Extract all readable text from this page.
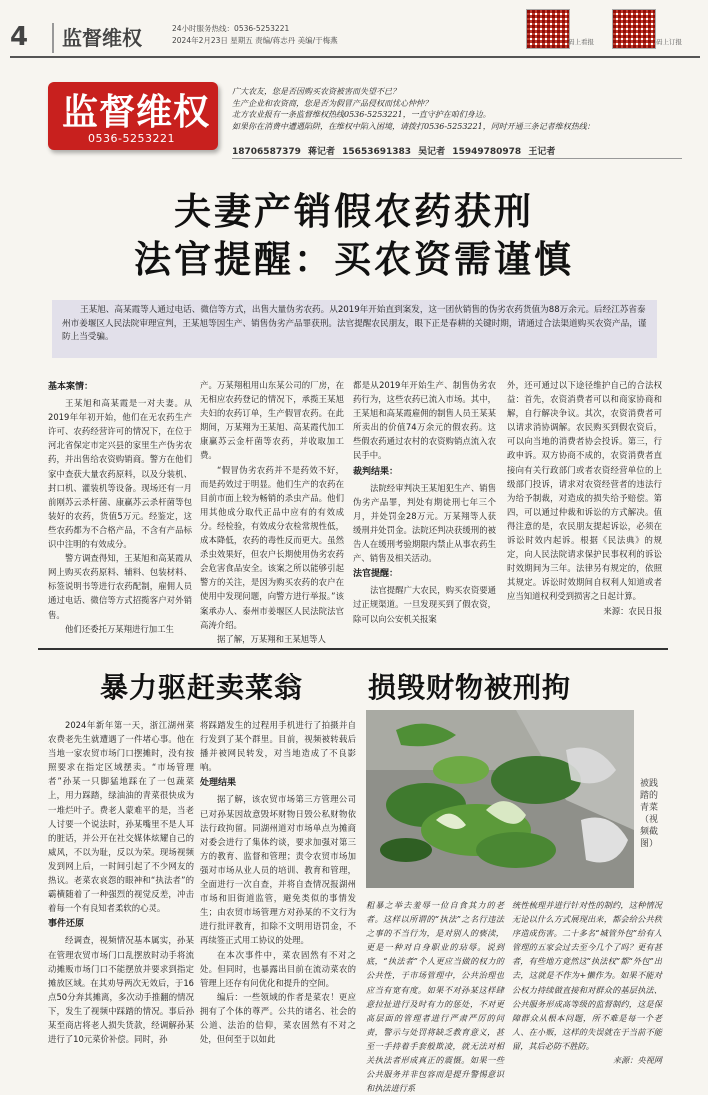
4	监督维权	24小时服务热线：0536-5253221
2024年2月23日 星期五 责编/蒋志丹 美编/于梅燕	码上看报	码上订报
监督维权
0536-5253221
广大农友，您是否因购买农资被害而失望不已？
生产企业和农资商，您是否为假冒产品侵权而忧心忡忡？
北方农业报有一条监督维权热线0536-5253221，一直守护在咱们身边。
如果你在消费中遭遇陷阱，在维权中陷入困境，请拨打0536-5253221，同时开通三条记者维权热线：
18706587379 蒋记者 15653691383 吴记者 15949780978 王记者
夫妻产销假农药获刑
法官提醒：买农资需谨慎
王某旭、高某霞等人通过电话、微信等方式，出售大量伪劣农药。从2019年开始直到案发，这一团伙销售的伪劣农药货值为88万余元。后经江苏省泰州市姜堰区人民法院审理宣判，王某旭等因生产、销售伪劣产品罪获刑。法官提醒农民朋友，眼下正是春耕的关键时期，请通过合法渠道购买农资产品，谨防上当受骗。

基本案情：

王某旭和高某霞是一对夫妻。从2019年年初开始，他们在无农药生产许可、农药经营许可的情况下，在位于河北省保定市定兴县的家里生产伪劣农药，并出售给农资购销商。警方在他们家中查获大量农药原料，以及分装机、封口机、灌装机等设备。现场还有一月前刚苏云杀杆菌、康赢苏云杀杆菌等包装好的农药，货值5万元。经鉴定，这些农药都为不合格产品，不含有产品标识中注明的有效成分。

警方调查得知，王某旭和高某霞从网上购买农药原料、辅料、包装材料、标签说明书等进行农药配制，雇佣人员通过电话、微信等方式招揽客户对外销售。

他们还委托万某翔进行加工生

产。万某翔租用山东某公司的厂房，在无相应农药登记的情况下，承揽王某旭夫妇的农药订单，生产假冒农药。在此期间，万某翔为王某旭、高某霞代加工康赢苏云金杆菌等农药，并收取加工费。

“假冒伪劣农药并不是药效不好，而是药效过于明显。他们生产的农药在目前市面上较为畅销的杀虫产品。他们用其他成分取代正品中应有的有效成分。经检验，有效成分农检常规性低，成本降低，农药的毒性反而更大。虽然杀虫效果好，但农户长期使用伪劣农药会危害食品安全。该案之所以能够引起警方的关注，是因为购买农药的农户在使用中发现问题，向警方进行举报。”该案承办人、泰州市姜堰区人民法院法官高涛介绍。

据了解，万某翔和王某旭等人

都是从2019年开始生产、制售伪劣农药行为，这些农药已流入市场。其中，王某旭和高某霞雇佣的制售人员王某某所卖出的价值74万余元的假农药。这些假农药通过农村的农资购销点流入农民手中。

裁判结果：

法院经审判决王某旭犯生产、销售伪劣产品罪，判处有期徒刑七年三个月，并处罚金28万元。万某翔等人获缓刑并处罚金。法院还判决获缓刑的被告人在缓刑考验期限内禁止从事农药生产、销售及相关活动。

法官提醒：

法官提醒广大农民，购买农资要通过正规渠道。一旦发现买到了假农资，除可以向公安机关报案

外，还可通过以下途径维护自己的合法权益：首先，农资消费者可以和商家协商和解，自行解决争议。其次，农资消费者可以请求消协调解。农民购买到假农资后，可以向当地的消费者协会投诉。第三，行政申诉。双方协商不成的，农资消费者直接向有关行政部门或者农资经营单位的上级部门投诉，请求对农资经营者的违法行为给予制裁，对造成的损失给予赔偿。第四，可以通过仲裁和诉讼的方式解决。值得注意的是，农民朋友提起诉讼，必须在诉讼时效内起诉。根据《民法典》的规定，向人民法院请求保护民事权利的诉讼时效期间为三年。法律另有规定的，依照其规定。诉讼时效期间自权利人知道或者应当知道权利受到损害之日起计算。

来源：农民日报

暴力驱赶卖菜翁 损毁财物被刑拘

2024年新年第一天，浙江湖州菜农费老先生就遭遇了一件堵心事。他在当地一家农贸市场门口摆摊时，没有按照要求在指定区域摆卖。“市场管理者”孙某一只脚猛地踩在了一包蔬菜上，用力踩踏，绿油油的青菜很快成为一堆烂叶子。费老人蒙难平的是，当老人讨要一个说法时，孙某嘴里不是人耳的脏话，并公开在社交媒体炫耀自己的威风，不以为耻，反以为荣。现场视频发到网上后，一时间引起了不少网友的热议。老菜农哀怨的眼神和“执法者”的霸横随着了一种强烈的视觉反差，冲击着每一个有良知者柔软的心灵。

事件还原

经调查，视频情况基本属实，孙某在管理农贸市场门口乱摆放时动手将流动摊贩市场门口不能摆放并要求到指定摊放区域。在其劝导两次无效后，于16点50分奔其摊离，多次动手推翻的情况下，发生了视频中踩踏的情况。事后孙某至商店将老人损失货款，经调解孙某进行了10元菜价补偿。同时，孙

将踩踏发生的过程用手机进行了拍摄并自行发到了某个群里。目前，视频被转载后播并被网民转发，对当地造成了不良影响。

处理结果

据了解，该农贸市场第三方管理公司已对孙某因故意毁坏财物日毁公私财物依法行政拘留。同湖州道对市场单点为摊商对委会进行了集体约谈，要求加强对第三方的教育、监督和管理；责令农贸市场加强对市场从业人员的培训、教育和管理，全面进行一次自查，并将自查情况报湖州市场和旧街道监管，避免类似的事情发生；由农贸市场管理方对孙某的不文行为进行批评教育，扣除不文明用语罚金，不再续签正式用工协议的处理。

在本次事件中，菜农固然有不对之处。但同时，也暴露出目前在流动菜农的管理上还存有问优化和提升的空间。

编后：一些领域的作者是菜农！更应拥有了个体的尊严。公共的诸名、社会的公道、法治的信仰，菜农固然有不对之处，但何至于以如此

被践踏的青菜（视频截图）

粗暴之举去羞辱一位自食其力的老者。这样以所谓的“执法”之名行违法之事的不当行为，是对别人的亵渎，更是一种对自身职业的玷辱。说到底，“执法者”个人更应当做的权力的公共性，于市场管理中，公共治理也应当有宽有度。如果不对孙某这样肆意拉扯进行及时有力的惩处，不对更高层面的管理者进行严肃严厉的问责，警示与处罚将缺乏教育意义，甚至一手持着手套般欺凌，就无法对相关执法者形成真正的震慑。如果一些公共服务并非包容而是提升警惕意识和执法进行系

统性梳理并进行针对性的制约，这种情况无论以什么方式展现出来，都会给公共秩序造成伤害。二十多名“城管外包”给有人管理的五家会过去至今几个了吗？更有甚者，有些地方竟然这“执法权”都“外包”出去，这就是不作为+懒作为。如果不能对公权力持续做直接和对群众的基层执法、公共服务形成高等级的监督制约，这是保障群众从根本问题，所不难是每一个老人、在小贩，这样的失误就在于当前不能留，其后必防不胜防。

来源：央视网
